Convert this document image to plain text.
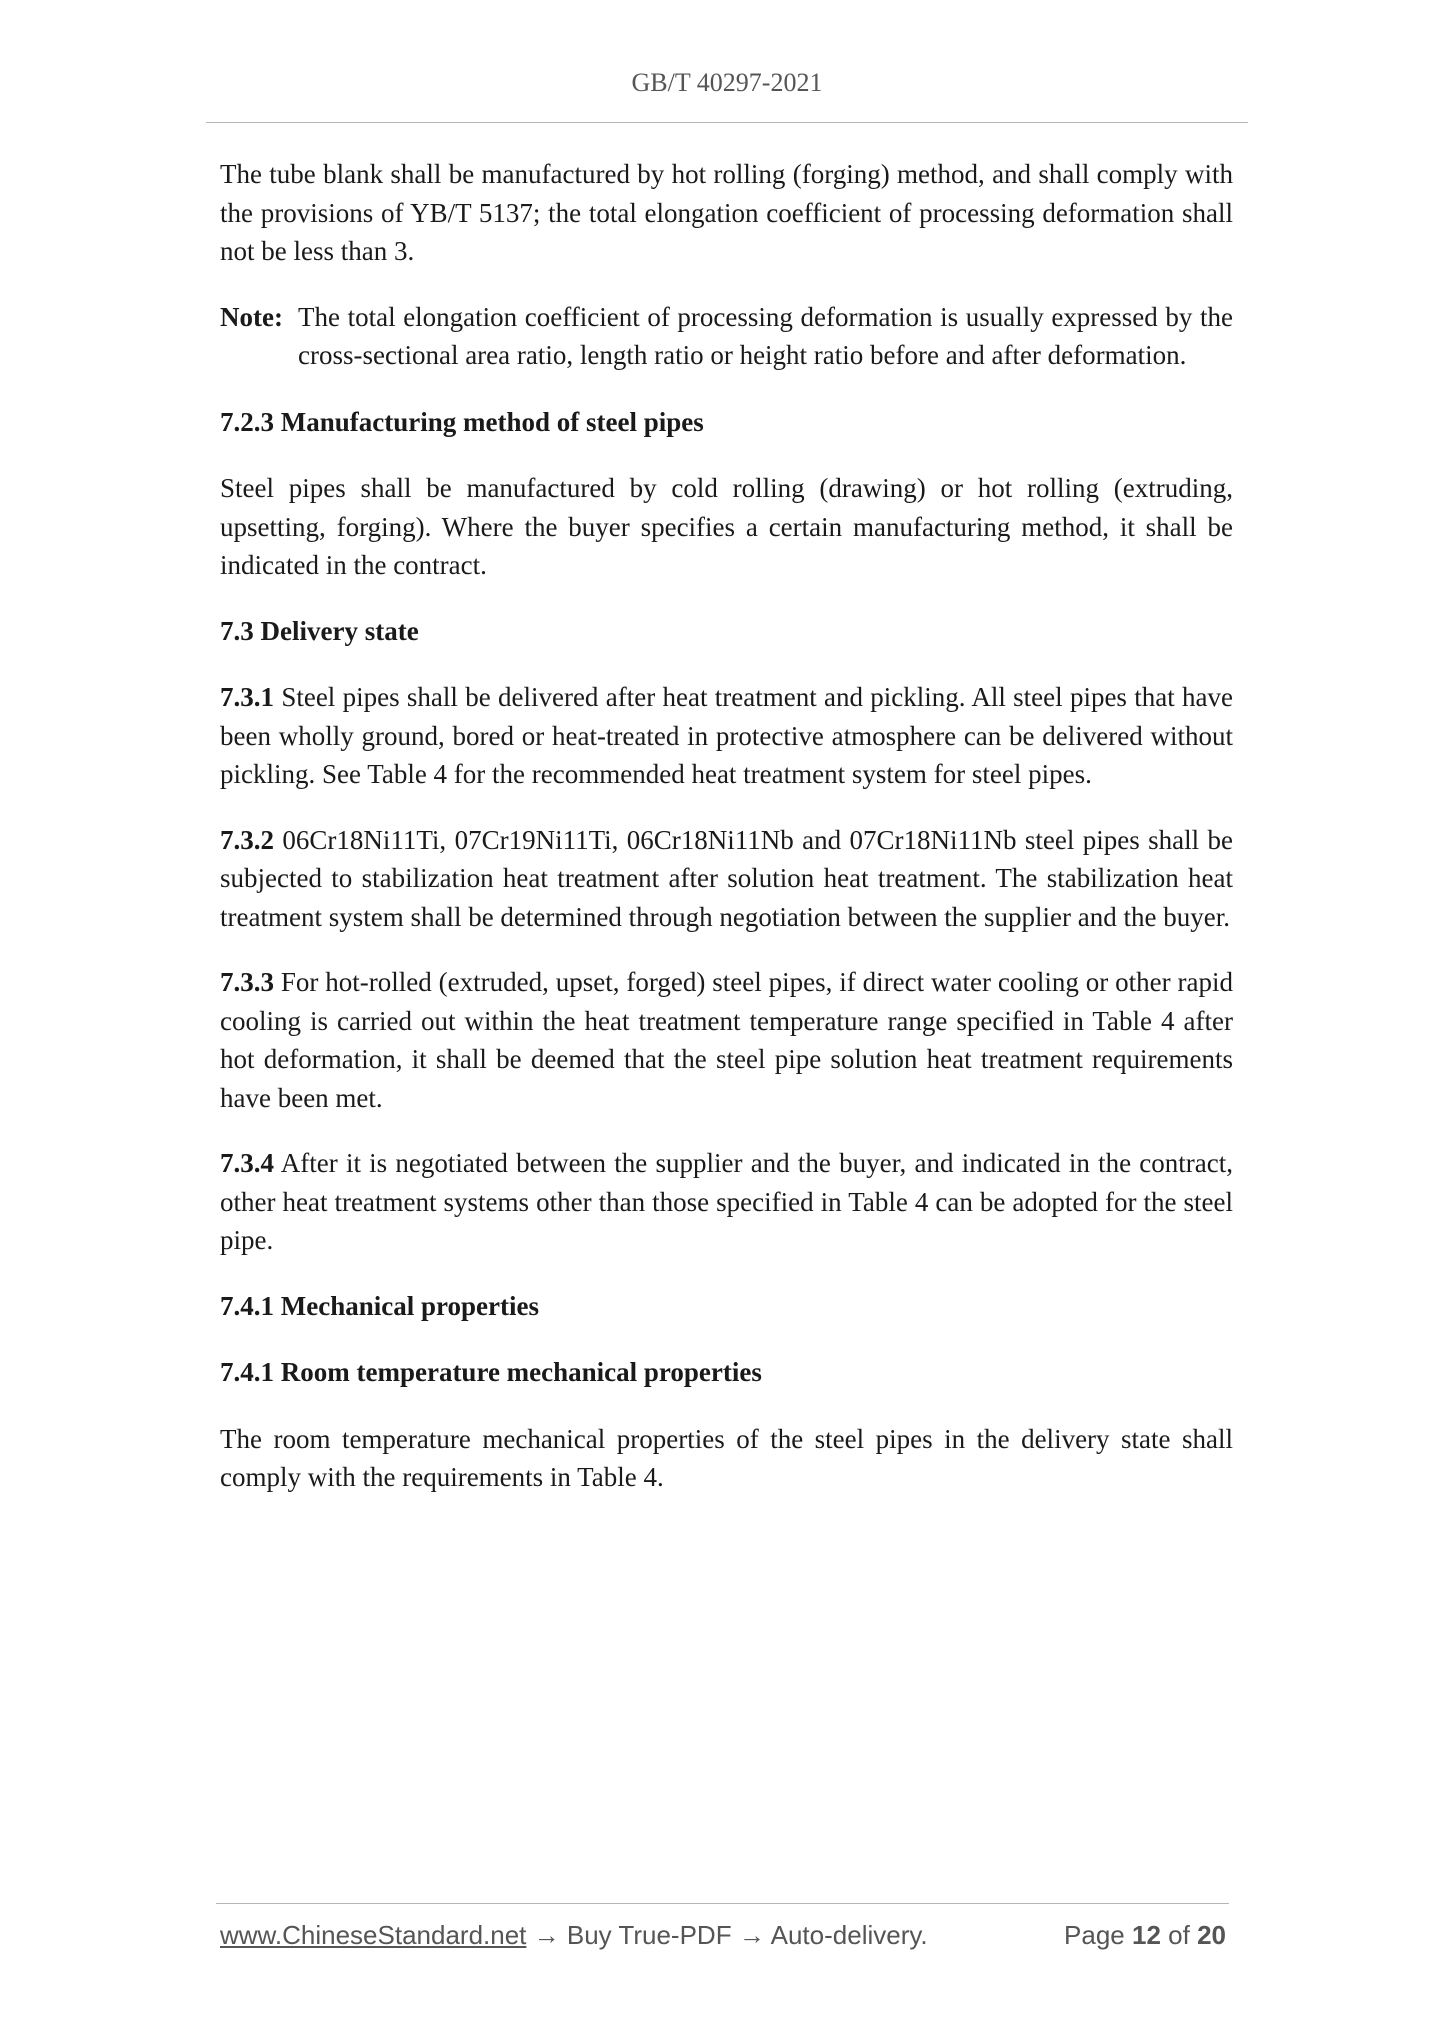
GB/T 40297-2021

The tube blank shall be manufactured by hot rolling (forging) method, and shall comply with the provisions of YB/T 5137; the total elongation coefficient of processing deformation shall not be less than 3.

Note: The total elongation coefficient of processing deformation is usually expressed by the cross-sectional area ratio, length ratio or height ratio before and after deformation.

7.2.3 Manufacturing method of steel pipes

Steel pipes shall be manufactured by cold rolling (drawing) or hot rolling (extruding, upsetting, forging). Where the buyer specifies a certain manufacturing method, it shall be indicated in the contract.

7.3 Delivery state

7.3.1 Steel pipes shall be delivered after heat treatment and pickling. All steel pipes that have been wholly ground, bored or heat-treated in protective atmosphere can be delivered without pickling. See Table 4 for the recommended heat treatment system for steel pipes.

7.3.2 06Cr18Ni11Ti, 07Cr19Ni11Ti, 06Cr18Ni11Nb and 07Cr18Ni11Nb steel pipes shall be subjected to stabilization heat treatment after solution heat treatment. The stabilization heat treatment system shall be determined through negotiation between the supplier and the buyer.

7.3.3 For hot-rolled (extruded, upset, forged) steel pipes, if direct water cooling or other rapid cooling is carried out within the heat treatment temperature range specified in Table 4 after hot deformation, it shall be deemed that the steel pipe solution heat treatment requirements have been met.

7.3.4 After it is negotiated between the supplier and the buyer, and indicated in the contract, other heat treatment systems other than those specified in Table 4 can be adopted for the steel pipe.

7.4.1 Mechanical properties

7.4.1 Room temperature mechanical properties

The room temperature mechanical properties of the steel pipes in the delivery state shall comply with the requirements in Table 4.

www.ChineseStandard.net → Buy True-PDF → Auto-delivery.	Page 12 of 20
